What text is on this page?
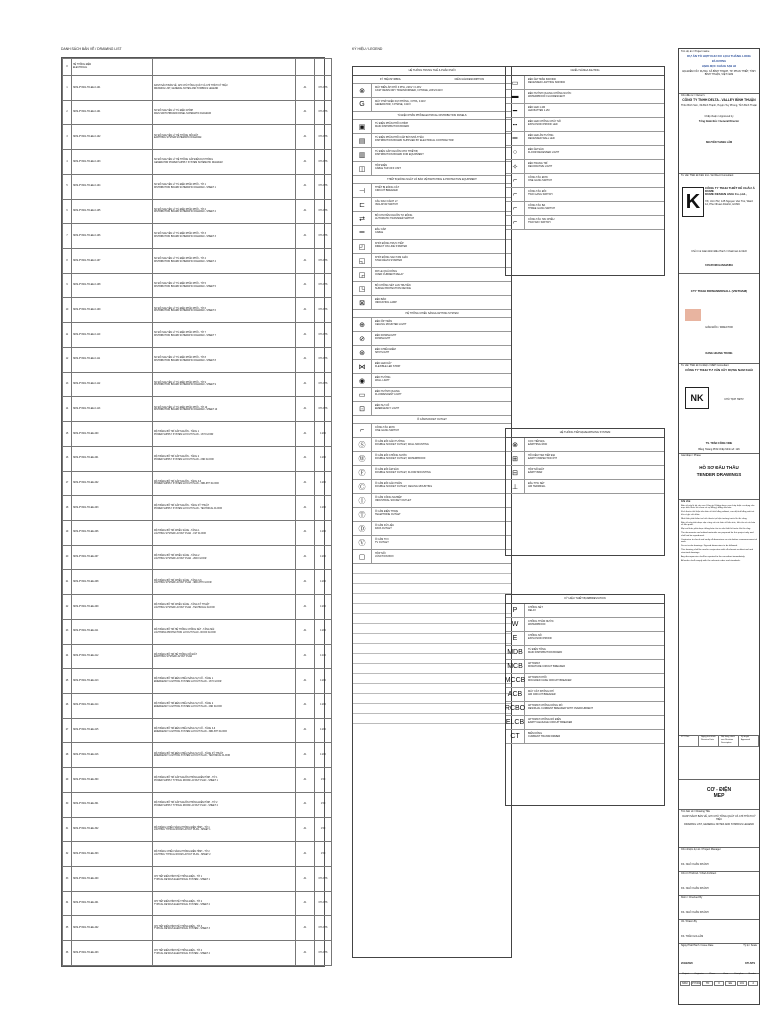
DANH SÁCH BẢN VẼ / DRAWING LIST
#	HỆ THỐNG ĐIỆN
ELECTRICAL			

1	NKM-PYN01-TD-EE-0-101	DANH SÁCH BẢN VẼ, GHI CHÚ TỔNG QUÁT VÀ CHỈ THÍCH KÝ HIỆU
DRAWING LIST, GENERAL NOTES AND SYMBOLS LEGEND	A1	KTLNTS
2	NKM-PYN01-TD-EE-0-101	SƠ ĐỒ NGUYÊN LÝ TỦ ĐIỆN CHÍNH
MAIN SWITCHBOARD PANEL SCHEMATIC DIAGRAM	A1	KTLNTS
3	NKM-PYN01-TD-EE-0-102	SƠ ĐỒ NGUYÊN LÝ HỆ THỐNG NỐI ĐẤT
EARTHING SYSTEM SCHEMATIC DIAGRAM	A1	KTLNTS
4	NKM-PYN01-TD-EE-0-103	SƠ ĐỒ NGUYÊN LÝ HỆ THỐNG CẤP ĐIỆN DỰ PHÒNG
GENERATOR POWER SUPPLY SYSTEM SCHEMATIC DIAGRAM	A1	KTLNTS
5	NKM-PYN01-TD-EE-0-104	SƠ ĐỒ NGUYÊN LÝ TỦ ĐIỆN PHÂN PHỐI - TỜ 1
DISTRIBUTION BOARD SCHEMATIC DIAGRAM - SHEET 1	A1	KTLNTS
6	NKM-PYN01-TD-EE-0-105	SƠ ĐỒ NGUYÊN LÝ TỦ ĐIỆN PHÂN PHỐI - TỜ 2
DISTRIBUTION BOARD SCHEMATIC DIAGRAM - SHEET 2	A1	KTLNTS
7	NKM-PYN01-TD-EE-0-106	SƠ ĐỒ NGUYÊN LÝ TỦ ĐIỆN PHÂN PHỐI - TỜ 3
DISTRIBUTION BOARD SCHEMATIC DIAGRAM - SHEET 3	A1	KTLNTS
8	NKM-PYN01-TD-EE-0-107	SƠ ĐỒ NGUYÊN LÝ TỦ ĐIỆN PHÂN PHỐI - TỜ 4
DISTRIBUTION BOARD SCHEMATIC DIAGRAM - SHEET 4	A1	KTLNTS
9	NKM-PYN01-TD-EE-0-108	SƠ ĐỒ NGUYÊN LÝ TỦ ĐIỆN PHÂN PHỐI - TỜ 5
DISTRIBUTION BOARD SCHEMATIC DIAGRAM - SHEET 5	A1	KTLNTS
10	NKM-PYN01-TD-EE-0-109	SƠ ĐỒ NGUYÊN LÝ TỦ ĐIỆN PHÂN PHỐI - TỜ 6
DISTRIBUTION BOARD SCHEMATIC DIAGRAM - SHEET 6	A1	KTLNTS
11	NKM-PYN01-TD-EE-0-110	SƠ ĐỒ NGUYÊN LÝ TỦ ĐIỆN PHÂN PHỐI - TỜ 7
DISTRIBUTION BOARD SCHEMATIC DIAGRAM - SHEET 7	A1	KTLNTS
12	NKM-PYN01-TD-EE-0-111	SƠ ĐỒ NGUYÊN LÝ TỦ ĐIỆN PHÂN PHỐI - TỜ 8
DISTRIBUTION BOARD SCHEMATIC DIAGRAM - SHEET 8	A1	KTLNTS
13	NKM-PYN01-TD-EE-0-112	SƠ ĐỒ NGUYÊN LÝ TỦ ĐIỆN PHÂN PHỐI - TỜ 9
DISTRIBUTION BOARD SCHEMATIC DIAGRAM - SHEET 9	A1	KTLNTS
14	NKM-PYN01-TD-EE-0-113	SƠ ĐỒ NGUYÊN LÝ TỦ ĐIỆN PHÂN PHỐI - TỜ 10
DISTRIBUTION BOARD SCHEMATIC DIAGRAM - SHEET 10	A1	KTLNTS
15	NKM-PYN01-TD-EE-200	MẶT BẰNG BỐ TRÍ CẤP NGUỒN - TẦNG 1
POWER SUPPLY SYSTEM LAYOUT PLAN - 1ST FLOOR	A1	1:200
16	NKM-PYN01-TD-EE-201	MẶT BẰNG BỐ TRÍ CẤP NGUỒN - TẦNG 2
POWER SUPPLY SYSTEM LAYOUT PLAN - 2ND FLOOR	A1	1:200
17	NKM-PYN01-TD-EE-202	MẶT BẰNG BỐ TRÍ CẤP NGUỒN - TẦNG 3-6
POWER SUPPLY SYSTEM LAYOUT PLAN - 3RD-6TH FLOOR	A1	1:200
18	NKM-PYN01-TD-EE-203	MẶT BẰNG BỐ TRÍ CẤP NGUỒN - TẦNG KỸ THUẬT
POWER SUPPLY SYSTEM LAYOUT PLAN - TECHNICAL FLOOR	A1	1:200
19	NKM-PYN01-TD-EE-206	MẶT BẰNG BỐ TRÍ CHIẾU SÁNG - TẦNG 1
LIGHTING SYSTEM LAYOUT PLAN - 1ST FLOOR	A1	1:200
20	NKM-PYN01-TD-EE-207	MẶT BẰNG BỐ TRÍ CHIẾU SÁNG - TẦNG 2
LIGHTING SYSTEM LAYOUT PLAN - 2ND FLOOR	A1	1:200
21	NKM-PYN01-TD-EE-208	MẶT BẰNG BỐ TRÍ CHIẾU SÁNG - TẦNG 3-6
LIGHTING SYSTEM LAYOUT PLAN - 3RD-6TH FLOOR	A1	1:200
22	NKM-PYN01-TD-EE-209	MẶT BẰNG BỐ TRÍ CHIẾU SÁNG - TẦNG KỸ THUẬT
LIGHTING SYSTEM LAYOUT PLAN - TECHNICAL FLOOR	A1	1:200
23	NKM-PYN01-TD-EE-211	MẶT BẰNG BỐ TRÍ HỆ THỐNG CHỐNG SÉT - TẦNG MÁI
LIGHTNING PROTECTION LAYOUT PLAN - ROOF FLOOR	A1	1:200
24	NKM-PYN01-TD-EE-212	MẶT BẰNG BỐ TRÍ HỆ THỐNG NỐI ĐẤT
EARTHING SYSTEM LAYOUT PLAN	A1	1:100
25	NKM-PYN01-TD-EE-213	MẶT BẰNG BỐ TRÍ ĐÈN CHIẾU SÁNG SỰ CỐ - TẦNG 1
EMERGENCY LIGHTING SYSTEM LAYOUT PLAN - 1ST FLOOR	A1	1:200
26	NKM-PYN01-TD-EE-214	MẶT BẰNG BỐ TRÍ ĐÈN CHIẾU SÁNG SỰ CỐ - TẦNG 2
EMERGENCY LIGHTING SYSTEM LAYOUT PLAN - 2ND FLOOR	A1	1:200
27	NKM-PYN01-TD-EE-215	MẶT BẰNG BỐ TRÍ ĐÈN CHIẾU SÁNG SỰ CỐ - TẦNG 3-6
EMERGENCY LIGHTING SYSTEM LAYOUT PLAN - 3RD-6TH FLOOR	A1	1:200
28	NKM-PYN01-TD-EE-216	MẶT BẰNG BỐ TRÍ ĐÈN CHIẾU SÁNG SỰ CỐ - TẦNG KỸ THUẬT
EMERGENCY LIGHTING SYSTEM LAYOUT PLAN - TECHNICAL FLOOR	A1	1:200
29	NKM-PYN01-TD-EE-300	MẶT BẰNG BỐ TRÍ CẤP NGUỒN PHÒNG ĐIỂN HÌNH - TỜ 1
POWER SUPPLY TYPICAL ROOM LAYOUT PLAN - SHEET 1	A1	1:50
30	NKM-PYN01-TD-EE-301	MẶT BẰNG BỐ TRÍ CẤP NGUỒN PHÒNG ĐIỂN HÌNH - TỜ 2
POWER SUPPLY TYPICAL ROOM LAYOUT PLAN - SHEET 2	A1	1:50
31	NKM-PYN01-TD-EE-302	MẶT BẰNG CHIẾU SÁNG PHÒNG ĐIỂN HÌNH - TỜ 1
LIGHTING TYPICAL ROOM LAYOUT PLAN - SHEET 1	A1	1:50
32	NKM-PYN01-TD-EE-303	MẶT BẰNG CHIẾU SÁNG PHÒNG ĐIỂN HÌNH - TỜ 2
LIGHTING TYPICAL ROOM LAYOUT PLAN - SHEET 2	A1	1:50
33	NKM-PYN01-TD-EE-400	CHI TIẾT ĐIỂN HÌNH HỆ THỐNG ĐIỆN - TỜ 1
TYPICAL DETAILS ELECTRICAL SYSTEM - SHEET 1	A1	KTLNTS
34	NKM-PYN01-TD-EE-401	CHI TIẾT ĐIỂN HÌNH HỆ THỐNG ĐIỆN - TỜ 2
TYPICAL DETAILS ELECTRICAL SYSTEM - SHEET 2	A1	KTLNTS
35	NKM-PYN01-TD-EE-402	CHI TIẾT ĐIỂN HÌNH HỆ THỐNG ĐIỆN - TỜ 3
TYPICAL DETAILS ELECTRICAL SYSTEM - SHEET 3	A1	KTLNTS
36	NKM-PYN01-TD-EE-403	CHI TIẾT ĐIỂN HÌNH HỆ THỐNG ĐIỆN - TỜ 4
TYPICAL DETAILS ELECTRICAL SYSTEM - SHEET 4	A1	KTLNTS
KÝ HIỆU / LEGEND
HỆ THỐNG TRUNG THẾ & PHÂN PHỐI
KÝ HIỆU/SYMBOL	DIỄN GIẢI/DESCRIPTION
⊗	MÁY BIẾN ÁP KHÔ 3 PHA, 22KV / 0.4KV
CAST RESIN DRY TRANSFORMER, 3 PHASE, 22KV/0.4KV
G	MÁY PHÁT ĐIỆN DỰ PHÒNG, 3 PHA, 0.4KV
GENERATOR, 3 PHASE, 0.4KV
TỦ ĐIỆN PHÂN PHỐI/ELECTRICAL DISTRIBUTION PANELS
▣	TỦ ĐIỆN PHÂN PHỐI CHÍNH
MAIN DISTRIBUTION BOARD
▤	TỦ ĐIỆN PHÂN PHỐI CẤP BỞI NHÀ THẦU
DISTRIBUTION BOARD SUPPLIED BY ELECTRICAL CONTRACTOR
▥	TỦ ĐIỆN CẤP NGUỒN CHO THIẾT BỊ
DISTRIBUTION BOARD FOR EQUIPMENT
◫	HỘP ĐIỆN
CABLE TAP-OFF UNIT
THIẾT BỊ ĐÓNG NGẮT VÀ BẢO VỆ/SWITCHING & PROTECTIVE EQUIPMENT
⊣	THIẾT BỊ ĐÓNG CẮT
CIRCUIT BREAKER
⊏	CẦU DAO CÁCH LY
ISOLATOR SWITCH
⇄	BỘ CHUYỂN NGUỒN TỰ ĐỘNG
AUTOMATIC TRANSFER SWITCH
═	ĐẦU CÁP
CABLE
◰	KHỞI ĐỘNG TRỰC TIẾP
DIRECT ON LINE STARTER
◱	KHỞI ĐỘNG SAO TAM GIÁC
STAR-DELTA STARTER
◲	RƠ LE QUÁ DÒNG
OVER CURRENT RELAY
◳	BỘ CHỐNG SÉT LAN TRUYỀN
SURGE PROTECTION DEVICE
⊠	ĐÈN BÁO
INDICATING LAMP
HỆ THỐNG CHIẾU SÁNG/LIGHTING SYSTEM
⊕	ĐÈN ỐP TRẦN
CEILING MOUNTED LIGHT
⊘	ĐÈN DOWNLIGHT
DOWNLIGHT
⊛	ĐÈN CHIẾU ĐIỂM
SPOTLIGHT
⋈	ĐÈN LED DÂY
FLEXIBLE LED STRIP
◉	ĐÈN TƯỜNG
WALL LIGHT
▭	ĐÈN HUỲNH QUANG
FLUORESCENT LIGHT
⊡	ĐÈN SỰ CỐ
EMERGENCY LIGHT
Ổ CẮM/SOCKET OUTLET
⌐	CÔNG TẮC ĐƠN
ONE GANG SWITCH
Ⓢ	Ổ CẮM ĐÔI GẮN TƯỜNG
DOUBLE SOCKET OUTLET, WALL MOUNTING
Ⓦ	Ổ CẮM ĐÔI CHỐNG NƯỚC
DOUBLE SOCKET OUTLET, WATERPROOF
Ⓕ	Ổ CẮM ĐÔI ÂM SÀN
DOUBLE SOCKET OUTLET, FLOOR MOUNTING
Ⓒ	Ổ CẮM ĐÔI GẮN TRẦN
DOUBLE SOCKET OUTLET, CEILING MOUNTING
Ⓘ	Ổ CẮM CÔNG NGHIỆP
INDUSTRIAL SOCKET OUTLET
Ⓣ	Ổ CẮM ĐIỆN THOẠI
TELEPHONE OUTLET
Ⓓ	Ổ CẮM DỮ LIỆU
DATA OUTLET
Ⓥ	Ổ CẮM TIVI
TV OUTLET
▢	HỘP NỐI
JUNCTION BOX
CHIẾU SÁNG/LIGHTING
▭	ĐÈN ÂM TRẦN 600X600
RECESSED LIGHTING 600X600
▬	ĐÈN HUỲNH QUANG CHỐNG NƯỚC
WATERPROOF FLUORESCENT
━	ĐÈN LED 1.2M
LED BATTEN 1.2M
┅	ĐÈN LED CHỐNG CHÁY NỔ
EXPLOSION PROOF LED
═	ĐÈN LED ÂM TƯỜNG
RECESSED WALL LED
○	ĐÈN ÂM SÀN
FLOOR RECESSED LIGHT
✧	ĐÈN TRANG TRÍ
DECORATIVE LIGHT
⌐	CÔNG TẮC ĐƠN
ONE GANG SWITCH
⌐	CÔNG TẮC ĐÔI
TWO GANG SWITCH
⌐	CÔNG TẮC BA
THREE GANG SWITCH
⌐	CÔNG TẮC HAI CHIỀU
TWO WAY SWITCH
HỆ THỐNG TIẾP ĐỊA/EARTHING SYSTEM
⊗	CỌC TIẾP ĐỊA
EARTHING ROD
⊞	HỐ KIỂM TRA TIẾP ĐỊA
EARTH INSPECTION PIT
⊟	HỘP NỐI ĐẤT
EARTH BAR
⊥	ĐẦU THU SÉT
AIR TERMINAL
KÝ HIỆU THIẾT BỊ/ABBREVIATION
P	CHỐNG SÉT
RELAY
W	CHỐNG THẤM NƯỚC
WATERPROOF
E	CHỐNG NỔ
EXPLOSION PROOF
MDB	TỦ ĐIỆN TỔNG
MAIN DISTRIBUTION BOARD
MCB	APTOMAT
MINIATURE CIRCUIT BREAKER
MCCB APTOMAT KHỐI
MOULDED CASE CIRCUIT BREAKER
ACB	MÁY CẮT KHÔNG KHÍ
AIR CIRCUIT BREAKER
RCBO APTOMAT CHỐNG DÒNG RÒ
RESIDUAL CURRENT BREAKER WITH OVERCURRENT
ELCB	APTOMAT CHỐNG RÒ ĐIỆN
EARTH LEAKAGE CIRCUIT BREAKER
CT	BIẾN DÒNG
CURRENT TRANSFORMER
Tên dự án / Project name
DỰ ÁN TỔ HỢP KHU DU LỊCH THĂNG LONG
ĐÀ DƯƠNG
HẠNG MỤC: KHÁCH SẠN H4
ĐỊA ĐIỂM XÂY DỰNG: XÃ BÌNH THẠNH, TP. PHAN THIẾT, TỈNH BÌNH THUẬN, VIỆT NAM
Chủ đầu tư / Owner's
CÔNG TY TNHH DELTA - VALLEY BÌNH THUẬN
Thôn Bình Sơn, Xã Bình Thạnh, Huyện Tuy Phong, Tỉnh Bình Thuận
Chấp thuận / Approved by
Tổng Giám Đốc / General Director
NGUYỄN THANH LÂM
Tư vấn Thiết kế Kiến trúc / Architect Consultant
K
CÔNG TY TNHH THIẾT KẾ CHÂU Á KUME
KUME DESIGN ASIA Co.,Ltd.,
7/F, Unit 702, 125 Nguyen Van Troi, Ward 12, Phu Nhuan District, HCMC
Chủ trì & Giám Đốc Điều Hành / Chairman & CEO
YASUFUMI HANAMURA
CTY TNHH ROWANMOSALL (VIETNAM)
GIÁM ĐỐC / DIRECTOR
DANG HOANG TRUNG
Tư vấn Thiết kế Cơ Điện / MEP Consultant
CÔNG TY TNHH TƯ VẤN XÂY DỰNG NAM KHÁI
NK	CHỦ TỊCH HĐTV
TS. TRẦN CÔNG VINH
Bằng Hoàng Phối Chấp Minh số: 126
Giai đoạn / Phase
HỒ SƠ ĐẤU THẦU
TENDER DRAWINGS
Ghi chú
Bản vẽ này là tài sản của Công ty. Không được sao chép hoặc sử dụng cho mục đích khác khi chưa có sự đồng ý bằng văn bản.
Kích thước thể hiện trên bản vẽ tính bằng milimet, cao độ tính bằng mét trừ khi có ghi chú khác.
Nhà thầu phải kiểm tra kích thước tại hiện trường trước khi thi công.
Bản vẽ này phải được đọc cùng với các bản vẽ kiến trúc, kết cấu và các bản vẽ liên quan.
Mọi sai khác phải được thông báo cho tư vấn thiết kế trước khi thi công.
The documents and related materials are prepared for this project only and shall not be reproduced.
Contractor to check and verify all dimensions on site before commencement of work.
Do not scale drawings. Figured dimensions to be followed.
This drawing shall be read in conjunction with all relevant architectural and structural drawings.
Any discrepancies shall be reported to the consultant immediately.
All works shall comply with the relevant codes and standards.
STT Rev.	Ngày phát hành Revision Date
Nội dung chỉnh sửa Revision Description
Ký duyệt Approved
CƠ - ĐIỆN
MEP
Tên bản vẽ / Drawing Title
DANH SÁCH BẢN VẼ, GHI CHÚ TỔNG QUÁT VÀ CHỈ THÍCH KÝ HIỆU
DRAWING LIST, GENERAL NOTES AND SYMBOLS LEGEND
Chủ nhiệm dự án / Project Manager
KS. NGÔ XUÂN KHÁNH
Chủ trì Thiết kế / Chief Architect
KS. NGÔ XUÂN KHÁNH
Kiểm / Checked By
KS. NGÔ XUÂN KHÁNH
Vẽ / Drawn By
KS. TRẦN GIA LÂM
Ngày Phát Hành / Issue Date	Tỷ lệ / Scale
2019/2020	KTLNTS
Project	Originator	Phase	Zone	Discipline	Number
NKM	PYN01	TD	0	EE	101	2
